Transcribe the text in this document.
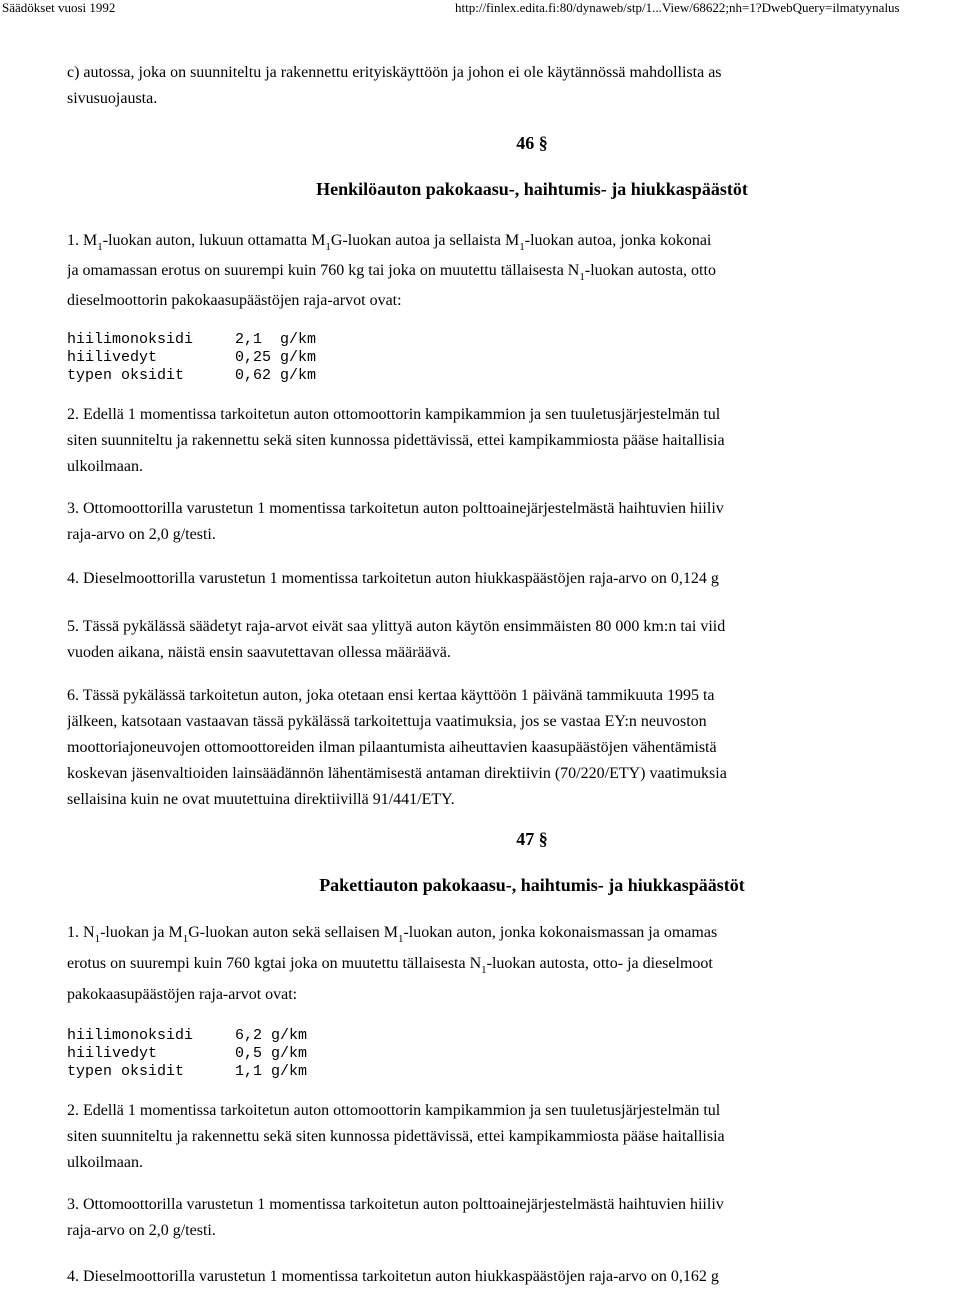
Säädökset vuosi 1992	http://finlex.edita.fi:80/dynaweb/stp/1...View/68622;nh=1?DwebQuery=ilmatyynalus
c) autossa, joka on suunniteltu ja rakennettu erityiskäyttöön ja johon ei ole käytännössä mahdollista as
sivusuojausta.
46 §
Henkilöauton pakokaasu-, haihtumis- ja hiukkaspäästöt
1. $M_1$-luokan auton, lukuun ottamatta $M_1G$-luokan autoa ja sellaista $M_1$-luokan autoa, jonka kokonai
ja omamassan erotus on suurempi kuin 760 kg tai joka on muutettu tällaisesta $N_1$-luokan autosta, otto
dieselmoottorin pakokaasupäästöjen raja-arvot ovat:
hiilimonoksidi	2,1  g/km
hiilivedyt	0,25 g/km
typen oksidit	0,62 g/km
2. Edellä 1 momentissa tarkoitetun auton ottomoottorin kampikammion ja sen tuuletusjärjestelmän tul
siten suunniteltu ja rakennettu sekä siten kunnossa pidettävissä, ettei kampikammiosta pääse haitallisia
ulkoilmaan.
3. Ottomoottorilla varustetun 1 momentissa tarkoitetun auton polttoainejärjestelmästä haihtuvien hiiliv
raja-arvo on 2,0 g/testi.
4. Dieselmoottorilla varustetun 1 momentissa tarkoitetun auton hiukkaspäästöjen raja-arvo on 0,124 g
5. Tässä pykälässä säädetyt raja-arvot eivät saa ylittyä auton käytön ensimmäisten 80 000 km:n tai viid
vuoden aikana, näistä ensin saavutettavan ollessa määräävä.
6. Tässä pykälässä tarkoitetun auton, joka otetaan ensi kertaa käyttöön 1 päivänä tammikuuta 1995 ta
jälkeen, katsotaan vastaavan tässä pykälässä tarkoitettuja vaatimuksia, jos se vastaa EY:n neuvoston
moottoriajoneuvojen ottomoottoreiden ilman pilaantumista aiheuttavien kaasupäästöjen vähentämistä
koskevan jäsenvaltioiden lainsäädännön lähentämisestä antaman direktiivin (70/220/ETY) vaatimuksia
sellaisina kuin ne ovat muutettuina direktiivillä 91/441/ETY.
47 §
Pakettiauton pakokaasu-, haihtumis- ja hiukkaspäästöt
1. $N_1$-luokan ja $M_1G$-luokan auton sekä sellaisen $M_1$-luokan auton, jonka kokonaismassan ja omamas
erotus on suurempi kuin 760 kgtai joka on muutettu tällaisesta $N_1$-luokan autosta, otto- ja dieselmoot
pakokaasupäästöjen raja-arvot ovat:
hiilimonoksidi	6,2 g/km
hiilivedyt	0,5 g/km
typen oksidit	1,1 g/km
2. Edellä 1 momentissa tarkoitetun auton ottomoottorin kampikammion ja sen tuuletusjärjestelmän tul
siten suunniteltu ja rakennettu sekä siten kunnossa pidettävissä, ettei kampikammiosta pääse haitallisia
ulkoilmaan.
3. Ottomoottorilla varustetun 1 momentissa tarkoitetun auton polttoainejärjestelmästä haihtuvien hiiliv
raja-arvo on 2,0 g/testi.
4. Dieselmoottorilla varustetun 1 momentissa tarkoitetun auton hiukkaspäästöjen raja-arvo on 0,162 g
